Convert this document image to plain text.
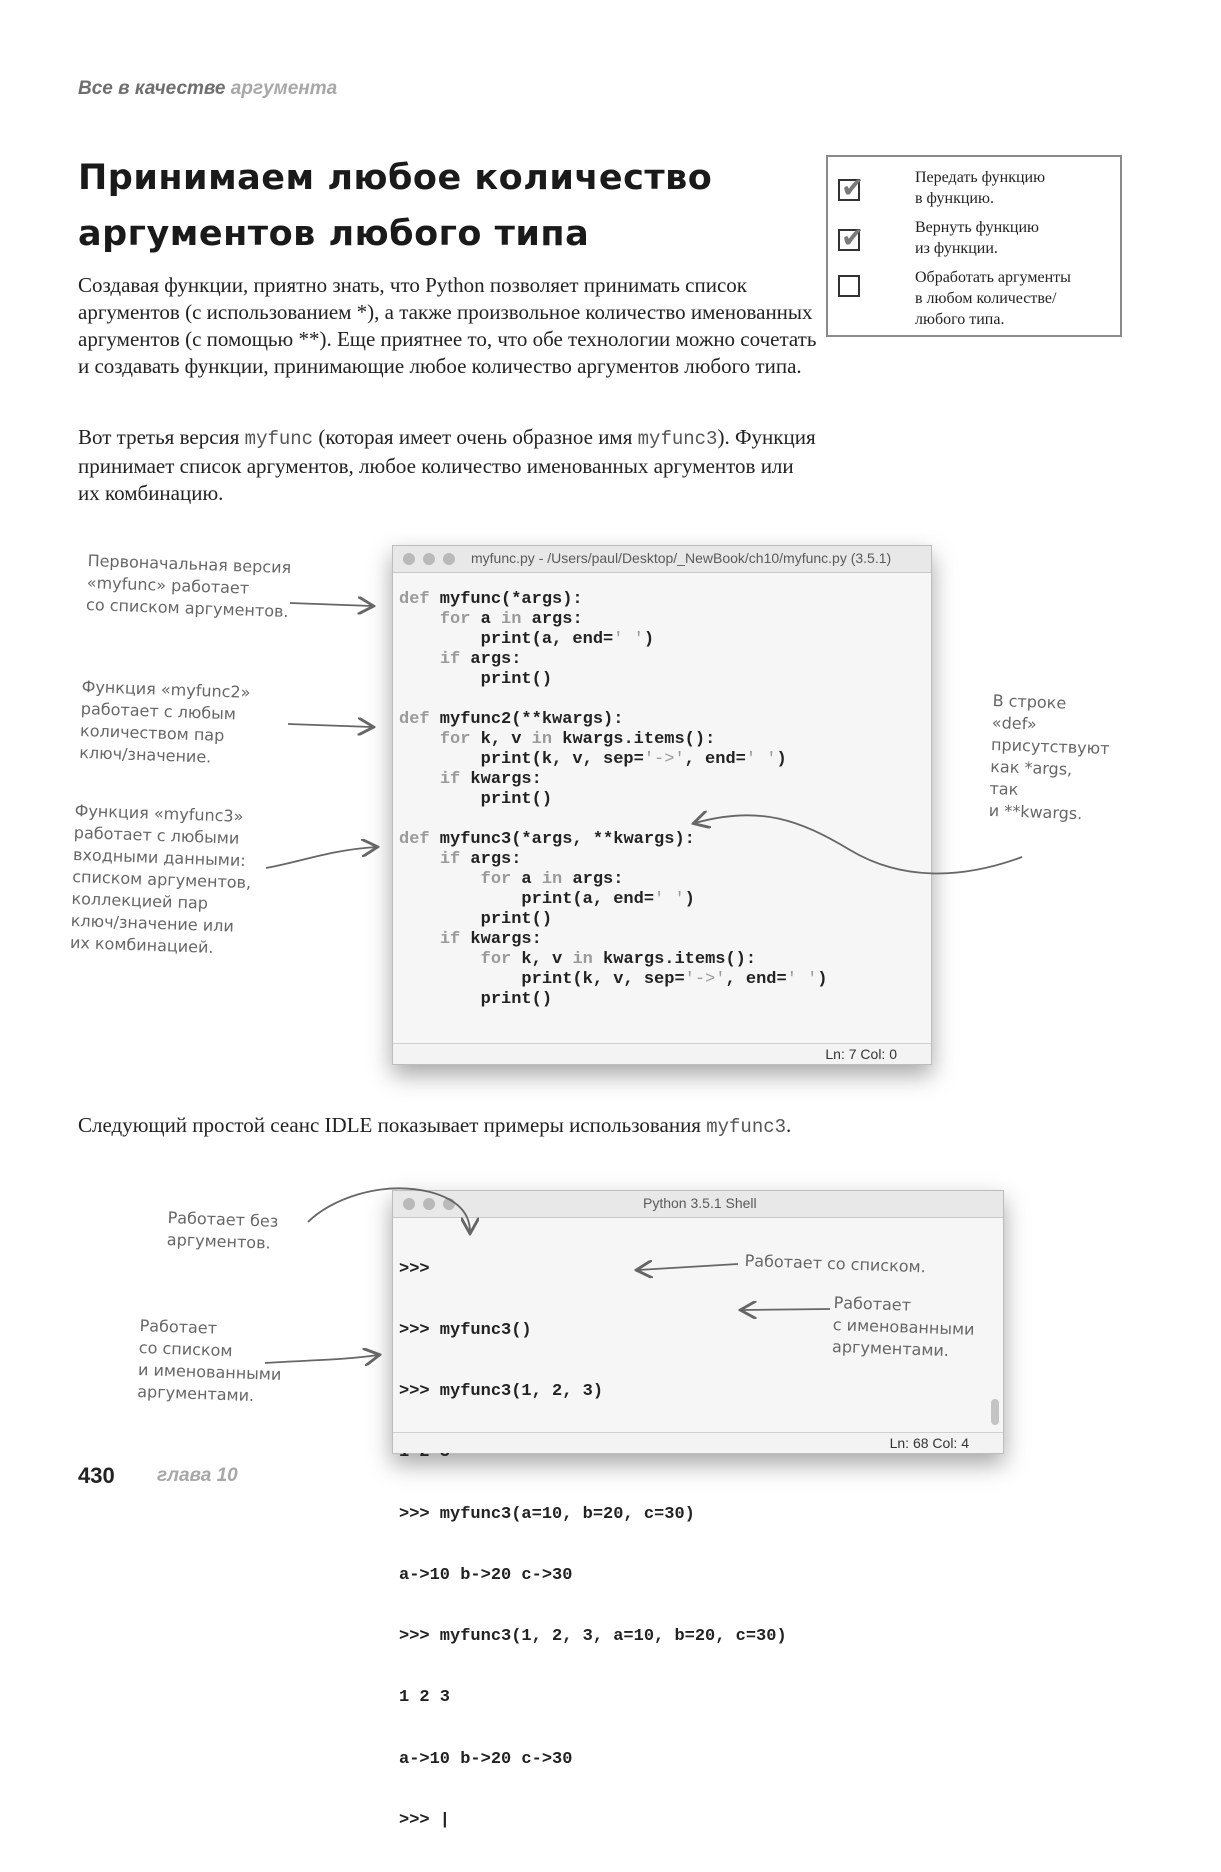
Все в качестве аргумента
Принимаем любое количество аргументов любого типа
✔	Передать функцию
в функцию.
✔	Вернуть функцию
из функции.
Обработать аргументы
в любом количестве/
любого типа.
Создавая функции, приятно знать, что Python позволяет принимать список аргументов (с использованием *), а также произвольное количество именованных аргументов (с помощью **). Еще приятнее то, что обе технологии можно сочетать и создавать функции, принимающие любое количество аргументов любого типа.
Вот третья версия myfunc (которая имеет очень образное имя myfunc3). Функция принимает список аргументов, любое количество именованных аргументов или их комбинацию.
myfunc.py - /Users/paul/Desktop/_NewBook/ch10/myfunc.py (3.5.1)
def myfunc(*args):
for a in args:
print(a, end=' ')
if args:
print()

def myfunc2(**kwargs):
for k, v in kwargs.items():
print(k, v, sep='->', end=' ')
if kwargs:
print()

def myfunc3(*args, **kwargs):
if args:
for a in args:
print(a, end=' ')
print()
if kwargs:
for k, v in kwargs.items():
print(k, v, sep='->', end=' ')
print()
Ln: 7 Col: 0
Первоначальная версия
«myfunc» работает
со списком аргументов.
Функция «myfunc2»
работает с любым
количеством пар
ключ/значение.
Функция «myfunc3»
работает с любыми
входными данными:
списком аргументов,
коллекцией пар
ключ/значение или
их комбинацией.
В строке
«def»
присутствуют
как *args,
так
и **kwargs.
Следующий простой сеанс IDLE показывает примеры использования myfunc3.
Python 3.5.1 Shell

>>>

>>> myfunc3()

>>> myfunc3(1, 2, 3)

>>> myfunc3(a=10, b=20, c=30)

a->10 b->20 c->30

>>> myfunc3(1, 2, 3, a=10, b=20, c=30)

1 2 3

a->10 b->20 c->30

>>> |

Ln: 68 Col: 4
Работает без
аргументов.
Работает со списком.
Работает
с именованными
аргументами.
Работает
со списком
и именованными
аргументами.
430 глава 10
